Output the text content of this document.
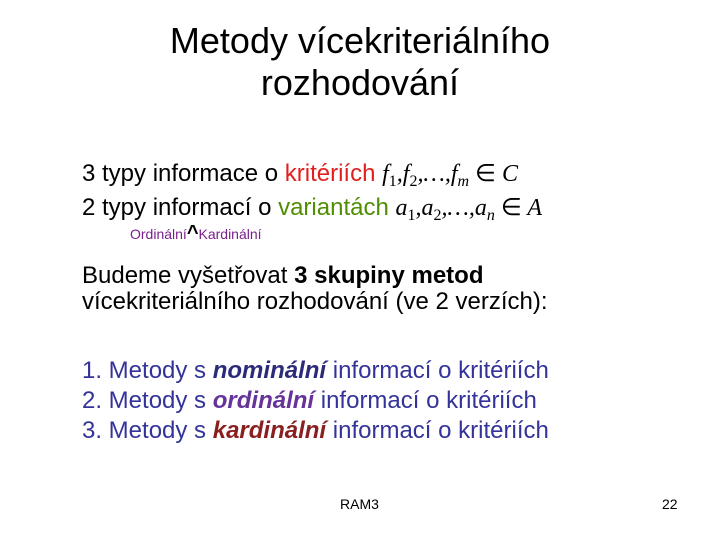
Metody vícekriteriálního
rozhodování
3 typy informace o kritériích $f_1,f_2,\dots,f_m$ ∈ C
2 typy informací o variantách $a_1,a_2,\dots,a_n$ ∈ A
Ordinální^Kardinální
Budeme vyšetřovat 3 skupiny metod
vícekriteriálního rozhodování (ve 2 verzích):
1. Metody s nominální informací o kritériích
2. Metody s ordinální informací o kritériích
3. Metody s kardinální informací o kritériích
RAM3	22
